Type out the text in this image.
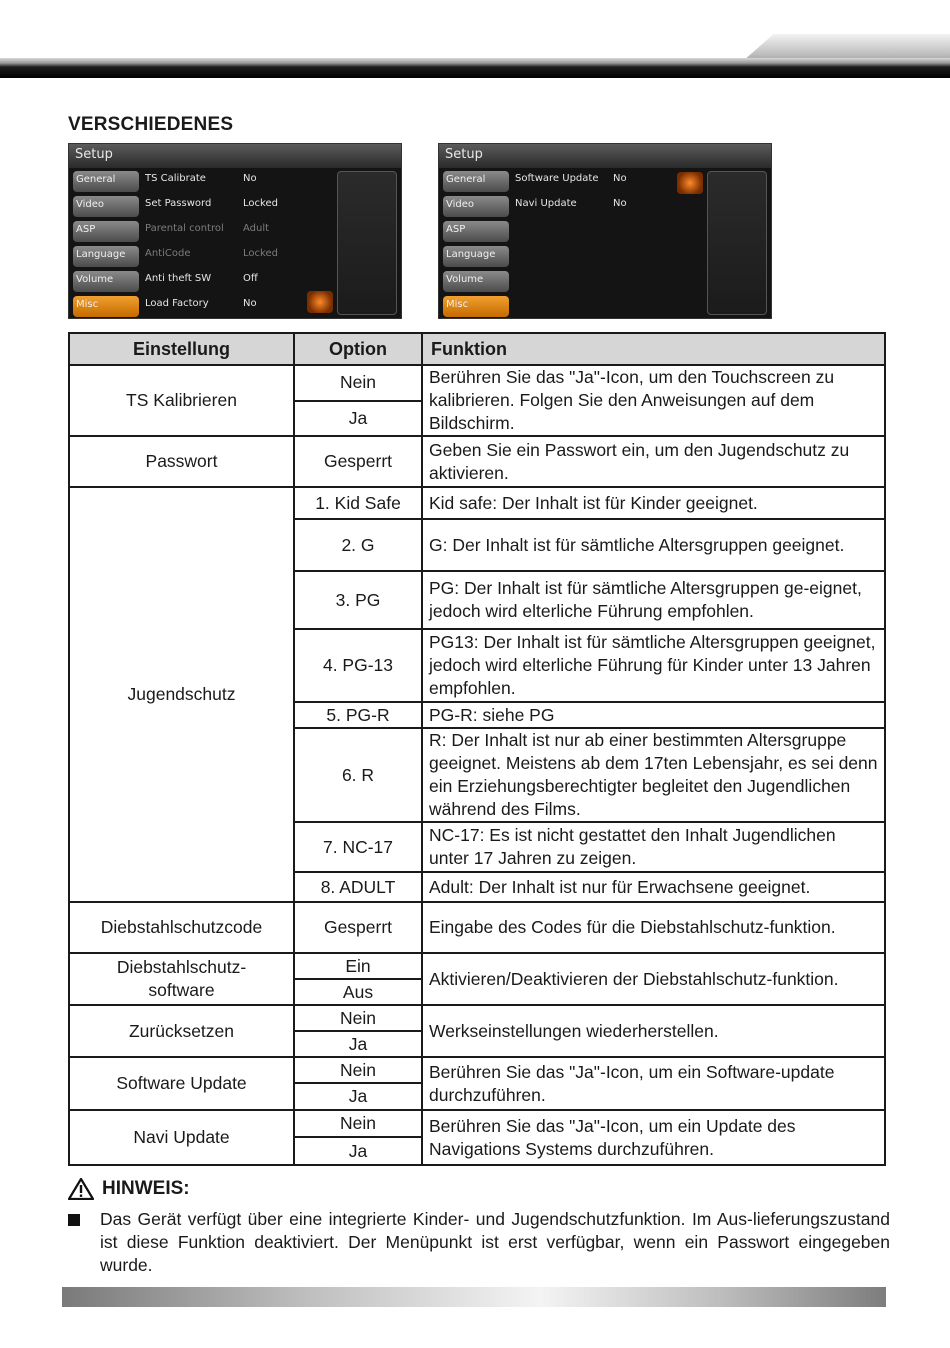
VERSCHIEDENES
Setup
General
Video
ASP
Language
Volume
Misc
TS Calibrate	No
Set Password	Locked
Parental control	Adult
AntiCode	Locked
Anti theft SW	Off
Load Factory	No
Setup
General
Video
ASP
Language
Volume
Misc
Software Update	No
Navi Update	No
Einstellung	Option	Funktion
TS Kalibrieren	Nein	Berühren Sie das "Ja"-Icon, um den Touchscreen zu kalibrieren. Folgen Sie den Anweisungen auf dem Bildschirm.
	Ja	
Passwort	Gesperrt	Geben Sie ein Passwort ein, um den Jugendschutz zu aktivieren.
Jugendschutz	1. Kid Safe	Kid safe: Der Inhalt ist für Kinder geeignet.
	2. G	G: Der Inhalt ist für sämtliche Altersgruppen geeignet.
	3. PG	PG: Der Inhalt ist für sämtliche Altersgruppen ge-eignet, jedoch wird elterliche Führung empfohlen.
	4. PG-13	PG13: Der Inhalt ist für sämtliche Altersgruppen geeignet, jedoch wird elterliche Führung für Kinder unter 13 Jahren empfohlen.
	5. PG-R	PG-R: siehe PG
	6. R	R: Der Inhalt ist nur ab einer bestimmten Altersgruppe geeignet. Meistens ab dem 17ten Lebensjahr, es sei denn ein Erziehungsberechtigter begleitet den Jugendlichen während des Films.
	7. NC-17	NC-17: Es ist nicht gestattet den Inhalt Jugendlichen unter 17 Jahren zu zeigen.
	8. ADULT	Adult: Der Inhalt ist nur für Erwachsene geeignet.
Diebstahlschutzcode	Gesperrt	Eingabe des Codes für die Diebstahlschutz-funktion.
Diebstahlschutz-
software	Ein	Aktivieren/Deaktivieren der Diebstahlschutz-funktion.
	Aus	
Zurücksetzen	Nein	Werkseinstellungen wiederherstellen.
	Ja	
Software Update	Nein	Berühren Sie das "Ja"-Icon, um ein Software-update durchzuführen.
	Ja	
Navi Update	Nein	Berühren Sie das "Ja"-Icon, um ein Update des Navigations Systems durchzuführen.
	Ja	
HINWEIS:
Das Gerät verfügt über eine integrierte Kinder- und Jugendschutzfunktion. Im Aus-lieferungszustand ist diese Funktion deaktiviert. Der Menüpunkt ist erst verfügbar, wenn ein Passwort eingegeben wurde.
